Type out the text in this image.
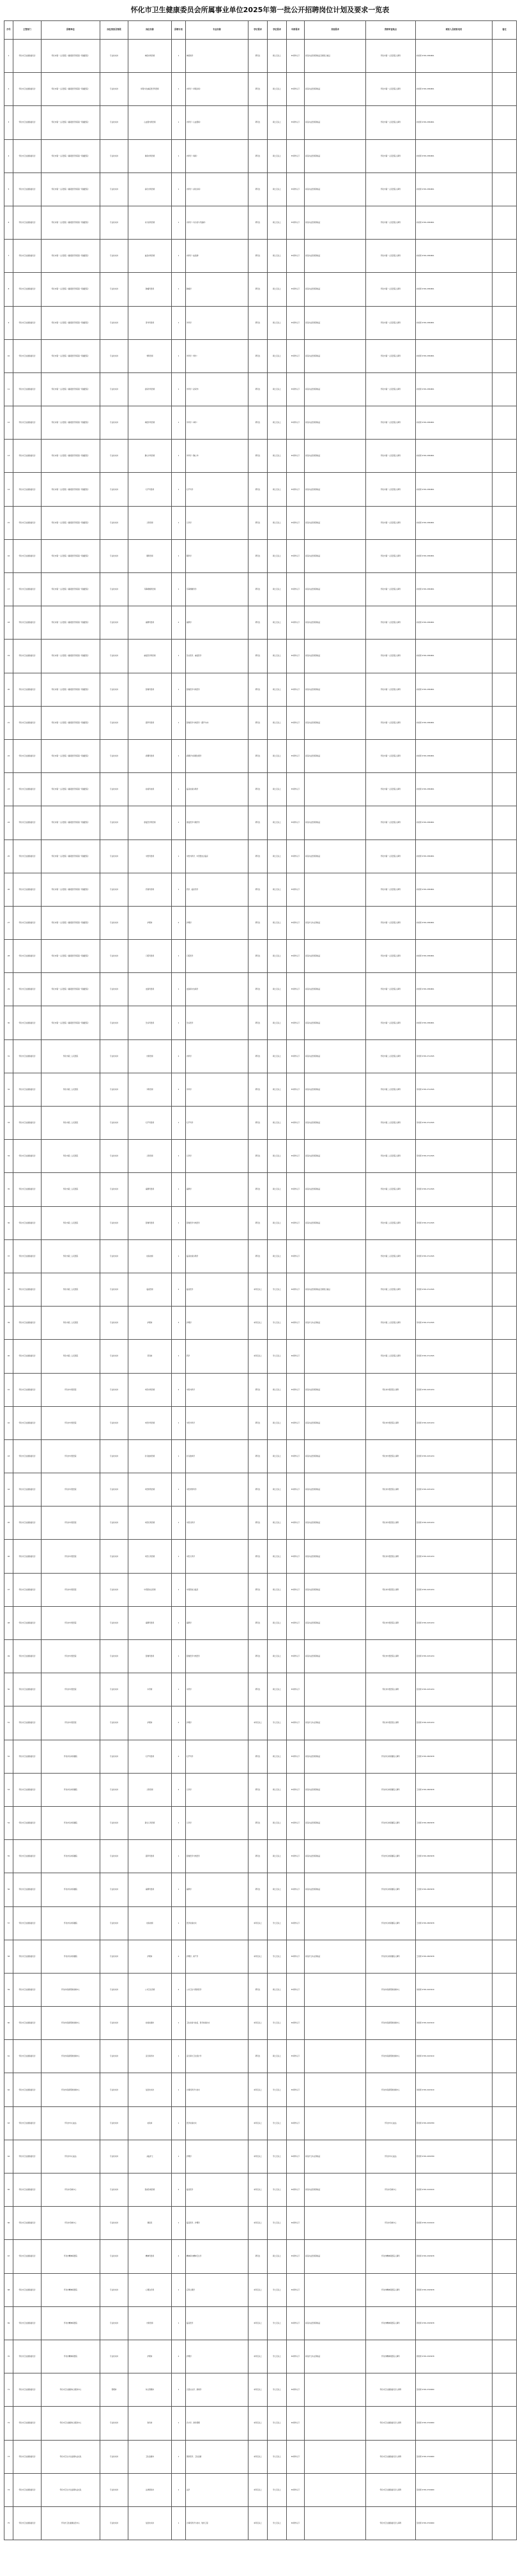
怀化市卫生健康委员会所属事业单位2025年第一批公开招聘岗位计划及要求一览表
序号	主管部门	招聘单位	岗位类别及等级	岗位名称	招聘计划	专业名称	学历要求	学位要求	年龄要求	其他要求	资格审查地点	联系人及联系电话	备注
1	怀化市卫生健康委员会	怀化市第一人民医院（湖南医药学院第一附属医院）	专业技术岗	神经内科医师	1	神经病学	研究生	硕士及以上	35周岁以下	具有执业医师资格证及规培合格证	怀化市第一人民医院人事科	向老师 0745-2384651	
2	怀化市卫生健康委员会	怀化市第一人民医院（湖南医药学院第一附属医院）	专业技术岗	呼吸与危重症医学科医师	1	内科学（呼吸系病）	研究生	硕士及以上	35周岁以下	具有执业医师资格证	怀化市第一人民医院人事科	向老师 0745-2384651	
3	怀化市卫生健康委员会	怀化市第一人民医院（湖南医药学院第一附属医院）	专业技术岗	心血管内科医师	1	内科学（心血管病）	研究生	硕士及以上	35周岁以下	具有执业医师资格证	怀化市第一人民医院人事科	向老师 0745-2384651	
4	怀化市卫生健康委员会	怀化市第一人民医院（湖南医药学院第一附属医院）	专业技术岗	肾病内科医师	1	内科学（肾病）	研究生	硕士及以上	35周岁以下	具有执业医师资格证	怀化市第一人民医院人事科	向老师 0745-2384651	
5	怀化市卫生健康委员会	怀化市第一人民医院（湖南医药学院第一附属医院）	专业技术岗	消化内科医师	1	内科学（消化系病）	研究生	硕士及以上	35周岁以下	具有执业医师资格证	怀化市第一人民医院人事科	向老师 0745-2384651	
6	怀化市卫生健康委员会	怀化市第一人民医院（湖南医药学院第一附属医院）	专业技术岗	内分泌科医师	1	内科学（内分泌与代谢病）	研究生	硕士及以上	35周岁以下	具有执业医师资格证	怀化市第一人民医院人事科	向老师 0745-2384651	
7	怀化市卫生健康委员会	怀化市第一人民医院（湖南医药学院第一附属医院）	专业技术岗	血液内科医师	1	内科学（血液病）	研究生	硕士及以上	35周岁以下	具有执业医师资格证	怀化市第一人民医院人事科	向老师 0745-2384651	
8	怀化市卫生健康委员会	怀化市第一人民医院（湖南医药学院第一附属医院）	专业技术岗	肿瘤科医师	1	肿瘤学	研究生	硕士及以上	35周岁以下	具有执业医师资格证	怀化市第一人民医院人事科	向老师 0745-2384651	
9	怀化市卫生健康委员会	怀化市第一人民医院（湖南医药学院第一附属医院）	专业技术岗	普外科医师	1	外科学	研究生	硕士及以上	35周岁以下	具有执业医师资格证	怀化市第一人民医院人事科	向老师 0745-2384651	
10	怀化市卫生健康委员会	怀化市第一人民医院（湖南医药学院第一附属医院）	专业技术岗	骨科医师	1	外科学（骨外）	研究生	硕士及以上	35周岁以下	具有执业医师资格证	怀化市第一人民医院人事科	向老师 0745-2384651	
11	怀化市卫生健康委员会	怀化市第一人民医院（湖南医药学院第一附属医院）	专业技术岗	泌尿外科医师	1	外科学（泌尿外）	研究生	硕士及以上	35周岁以下	具有执业医师资格证	怀化市第一人民医院人事科	向老师 0745-2384651	
12	怀化市卫生健康委员会	怀化市第一人民医院（湖南医药学院第一附属医院）	专业技术岗	神经外科医师	1	外科学（神外）	研究生	硕士及以上	35周岁以下	具有执业医师资格证	怀化市第一人民医院人事科	向老师 0745-2384651	
13	怀化市卫生健康委员会	怀化市第一人民医院（湖南医药学院第一附属医院）	专业技术岗	胸心外科医师	1	外科学（胸心外）	研究生	硕士及以上	35周岁以下	具有执业医师资格证	怀化市第一人民医院人事科	向老师 0745-2384651	
14	怀化市卫生健康委员会	怀化市第一人民医院（湖南医药学院第一附属医院）	专业技术岗	妇产科医师	1	妇产科学	研究生	硕士及以上	35周岁以下	具有执业医师资格证	怀化市第一人民医院人事科	向老师 0745-2384651	
15	怀化市卫生健康委员会	怀化市第一人民医院（湖南医药学院第一附属医院）	专业技术岗	儿科医师	1	儿科学	研究生	硕士及以上	35周岁以下	具有执业医师资格证	怀化市第一人民医院人事科	向老师 0745-2384651	
16	怀化市卫生健康委员会	怀化市第一人民医院（湖南医药学院第一附属医院）	专业技术岗	眼科医师	1	眼科学	研究生	硕士及以上	35周岁以下	具有执业医师资格证	怀化市第一人民医院人事科	向老师 0745-2384651	
17	怀化市卫生健康委员会	怀化市第一人民医院（湖南医药学院第一附属医院）	专业技术岗	耳鼻咽喉科医师	1	耳鼻咽喉科学	研究生	硕士及以上	35周岁以下	具有执业医师资格证	怀化市第一人民医院人事科	向老师 0745-2384651	
18	怀化市卫生健康委员会	怀化市第一人民医院（湖南医药学院第一附属医院）	专业技术岗	麻醉科医师	2	麻醉学	研究生	硕士及以上	35周岁以下	具有执业医师资格证	怀化市第一人民医院人事科	向老师 0745-2384651	
19	怀化市卫生健康委员会	怀化市第一人民医院（湖南医药学院第一附属医院）	专业技术岗	重症医学科医师	1	急诊医学、重症医学	研究生	硕士及以上	35周岁以下	具有执业医师资格证	怀化市第一人民医院人事科	向老师 0745-2384651	
20	怀化市卫生健康委员会	怀化市第一人民医院（湖南医药学院第一附属医院）	专业技术岗	影像科医师	1	影像医学与核医学	研究生	硕士及以上	35周岁以下	具有执业医师资格证	怀化市第一人民医院人事科	向老师 0745-2384651	
21	怀化市卫生健康委员会	怀化市第一人民医院（湖南医药学院第一附属医院）	专业技术岗	超声科医师	1	影像医学与核医学（超声方向）	研究生	硕士及以上	35周岁以下	具有执业医师资格证	怀化市第一人民医院人事科	向老师 0745-2384651	
22	怀化市卫生健康委员会	怀化市第一人民医院（湖南医药学院第一附属医院）	专业技术岗	病理科医师	1	病理学与病理生理学	研究生	硕士及以上	35周岁以下	具有执业医师资格证	怀化市第一人民医院人事科	向老师 0745-2384651	
23	怀化市卫生健康委员会	怀化市第一人民医院（湖南医药学院第一附属医院）	专业技术岗	检验科技师	1	临床检验诊断学	研究生	硕士及以上	35周岁以下		怀化市第一人民医院人事科	向老师 0745-2384651	
24	怀化市卫生健康委员会	怀化市第一人民医院（湖南医药学院第一附属医院）	专业技术岗	康复医学科医师	1	康复医学与理疗学	研究生	硕士及以上	35周岁以下	具有执业医师资格证	怀化市第一人民医院人事科	向老师 0745-2384651	
25	怀化市卫生健康委员会	怀化市第一人民医院（湖南医药学院第一附属医院）	专业技术岗	中医科医师	1	中医内科学、中西医结合临床	研究生	硕士及以上	35周岁以下	具有执业医师资格证	怀化市第一人民医院人事科	向老师 0745-2384651	
26	怀化市卫生健康委员会	怀化市第一人民医院（湖南医药学院第一附属医院）	专业技术岗	药剂科药师	1	药学、临床药学	研究生	硕士及以上	35周岁以下		怀化市第一人民医院人事科	向老师 0745-2384651	
27	怀化市卫生健康委员会	怀化市第一人民医院（湖南医药学院第一附属医院）	专业技术岗	护理岗	2	护理学	研究生	硕士及以上	35周岁以下	具有护士执业资格证	怀化市第一人民医院人事科	向老师 0745-2384651	
28	怀化市卫生健康委员会	怀化市第一人民医院（湖南医药学院第一附属医院）	专业技术岗	口腔科医师	1	口腔医学	研究生	硕士及以上	35周岁以下	具有执业医师资格证	怀化市第一人民医院人事科	向老师 0745-2384651	
29	怀化市卫生健康委员会	怀化市第一人民医院（湖南医药学院第一附属医院）	专业技术岗	皮肤科医师	1	皮肤病与性病学	研究生	硕士及以上	35周岁以下	具有执业医师资格证	怀化市第一人民医院人事科	向老师 0745-2384651	
30	怀化市卫生健康委员会	怀化市第一人民医院（湖南医药学院第一附属医院）	专业技术岗	急诊科医师	1	急诊医学	研究生	硕士及以上	35周岁以下	具有执业医师资格证	怀化市第一人民医院人事科	向老师 0745-2384651	
31	怀化市卫生健康委员会	怀化市第二人民医院	专业技术岗	内科医师	2	内科学	研究生	硕士及以上	35周岁以下	具有执业医师资格证	怀化市第二人民医院人事科	李老师 0745-2712345	
32	怀化市卫生健康委员会	怀化市第二人民医院	专业技术岗	外科医师	2	外科学	研究生	硕士及以上	35周岁以下	具有执业医师资格证	怀化市第二人民医院人事科	李老师 0745-2712345	
33	怀化市卫生健康委员会	怀化市第二人民医院	专业技术岗	妇产科医师	1	妇产科学	研究生	硕士及以上	35周岁以下	具有执业医师资格证	怀化市第二人民医院人事科	李老师 0745-2712345	
34	怀化市卫生健康委员会	怀化市第二人民医院	专业技术岗	儿科医师	1	儿科学	研究生	硕士及以上	35周岁以下	具有执业医师资格证	怀化市第二人民医院人事科	李老师 0745-2712345	
35	怀化市卫生健康委员会	怀化市第二人民医院	专业技术岗	麻醉科医师	1	麻醉学	研究生	硕士及以上	35周岁以下	具有执业医师资格证	怀化市第二人民医院人事科	李老师 0745-2712345	
36	怀化市卫生健康委员会	怀化市第二人民医院	专业技术岗	影像科医师	1	影像医学与核医学	研究生	硕士及以上	35周岁以下	具有执业医师资格证	怀化市第二人民医院人事科	李老师 0745-2712345	
37	怀化市卫生健康委员会	怀化市第二人民医院	专业技术岗	检验技师	1	临床检验诊断学	研究生	硕士及以上	35周岁以下		怀化市第二人民医院人事科	李老师 0745-2712345	
38	怀化市卫生健康委员会	怀化市第二人民医院	专业技术岗	临床医师	2	临床医学	本科及以上	学士及以上	30周岁以下	具有执业医师资格证及规培合格证	怀化市第二人民医院人事科	李老师 0745-2712345	
39	怀化市卫生健康委员会	怀化市第二人民医院	专业技术岗	护理岗	3	护理学	本科及以上	学士及以上	30周岁以下	具有护士执业资格证	怀化市第二人民医院人事科	李老师 0745-2712345	
40	怀化市卫生健康委员会	怀化市第二人民医院	专业技术岗	药剂岗	1	药学	本科及以上	学士及以上	30周岁以下		怀化市第二人民医院人事科	李老师 0745-2712345	
41	怀化市卫生健康委员会	怀化市中医医院	专业技术岗	中医内科医师	2	中医内科学	研究生	硕士及以上	35周岁以下	具有执业医师资格证	怀化市中医医院人事科	张老师 0745-2231234	
42	怀化市卫生健康委员会	怀化市中医医院	专业技术岗	中医外科医师	1	中医外科学	研究生	硕士及以上	35周岁以下	具有执业医师资格证	怀化市中医医院人事科	张老师 0745-2231234	
43	怀化市卫生健康委员会	怀化市中医医院	专业技术岗	针灸推拿医师	1	针灸推拿学	研究生	硕士及以上	35周岁以下	具有执业医师资格证	怀化市中医医院人事科	张老师 0745-2231234	
44	怀化市卫生健康委员会	怀化市中医医院	专业技术岗	中医骨伤医师	1	中医骨伤科学	研究生	硕士及以上	35周岁以下	具有执业医师资格证	怀化市中医医院人事科	张老师 0745-2231234	
45	怀化市卫生健康委员会	怀化市中医医院	专业技术岗	中医妇科医师	1	中医妇科学	研究生	硕士及以上	35周岁以下	具有执业医师资格证	怀化市中医医院人事科	张老师 0745-2231234	
46	怀化市卫生健康委员会	怀化市中医医院	专业技术岗	中医儿科医师	1	中医儿科学	研究生	硕士及以上	35周岁以下	具有执业医师资格证	怀化市中医医院人事科	张老师 0745-2231234	
47	怀化市卫生健康委员会	怀化市中医医院	专业技术岗	中西医结合医师	1	中西医结合临床	研究生	硕士及以上	35周岁以下	具有执业医师资格证	怀化市中医医院人事科	张老师 0745-2231234	
48	怀化市卫生健康委员会	怀化市中医医院	专业技术岗	麻醉科医师	1	麻醉学	研究生	硕士及以上	35周岁以下	具有执业医师资格证	怀化市中医医院人事科	张老师 0745-2231234	
49	怀化市卫生健康委员会	怀化市中医医院	专业技术岗	影像科医师	1	影像医学与核医学	研究生	硕士及以上	35周岁以下	具有执业医师资格证	怀化市中医医院人事科	张老师 0745-2231234	
50	怀化市卫生健康委员会	怀化市中医医院	专业技术岗	中药师	1	中药学	研究生	硕士及以上	35周岁以下		怀化市中医医院人事科	张老师 0745-2231234	
51	怀化市卫生健康委员会	怀化市中医医院	专业技术岗	护理岗	2	护理学	本科及以上	学士及以上	30周岁以下	具有护士执业资格证	怀化市中医医院人事科	张老师 0745-2231234	
52	怀化市卫生健康委员会	怀化市妇幼保健院	专业技术岗	妇产科医师	2	妇产科学	研究生	硕士及以上	35周岁以下	具有执业医师资格证	怀化市妇幼保健院人事科	王老师 0745-2825678	
53	怀化市卫生健康委员会	怀化市妇幼保健院	专业技术岗	儿科医师	2	儿科学	研究生	硕士及以上	35周岁以下	具有执业医师资格证	怀化市妇幼保健院人事科	王老师 0745-2825678	
54	怀化市卫生健康委员会	怀化市妇幼保健院	专业技术岗	新生儿科医师	1	儿科学	研究生	硕士及以上	35周岁以下	具有执业医师资格证	怀化市妇幼保健院人事科	王老师 0745-2825678	
55	怀化市卫生健康委员会	怀化市妇幼保健院	专业技术岗	超声科医师	1	影像医学与核医学	研究生	硕士及以上	35周岁以下	具有执业医师资格证	怀化市妇幼保健院人事科	王老师 0745-2825678	
56	怀化市卫生健康委员会	怀化市妇幼保健院	专业技术岗	麻醉科医师	1	麻醉学	研究生	硕士及以上	35周岁以下	具有执业医师资格证	怀化市妇幼保健院人事科	王老师 0745-2825678	
57	怀化市卫生健康委员会	怀化市妇幼保健院	专业技术岗	检验技师	1	医学检验技术	本科及以上	学士及以上	30周岁以下		怀化市妇幼保健院人事科	王老师 0745-2825678	
58	怀化市卫生健康委员会	怀化市妇幼保健院	专业技术岗	护理岗	2	护理学、助产学	本科及以上	学士及以上	30周岁以下	具有护士执业资格证	怀化市妇幼保健院人事科	王老师 0745-2825678	
59	怀化市卫生健康委员会	怀化市疾病预防控制中心	专业技术岗	公共卫生医师	2	公共卫生与预防医学	研究生	硕士及以上	35周岁以下		怀化市疾病预防控制中心	刘老师 0745-2243210	
60	怀化市卫生健康委员会	怀化市疾病预防控制中心	专业技术岗	检验检测岗	1	卫生检验与检疫、医学检验技术	本科及以上	学士及以上	30周岁以下		怀化市疾病预防控制中心	刘老师 0745-2243210	
61	怀化市卫生健康委员会	怀化市疾病预防控制中心	专业技术岗	流行病学岗	1	流行病与卫生统计学	研究生	硕士及以上	35周岁以下		怀化市疾病预防控制中心	刘老师 0745-2243210	
62	怀化市卫生健康委员会	怀化市疾病预防控制中心	专业技术岗	信息技术岗	1	计算机科学与技术	本科及以上	学士及以上	30周岁以下		怀化市疾病预防控制中心	刘老师 0745-2243210	
63	怀化市卫生健康委员会	怀化市中心血站	专业技术岗	检验岗	1	医学检验技术	本科及以上	学士及以上	30周岁以下		怀化市中心血站	陈老师 0745-2256789	
64	怀化市卫生健康委员会	怀化市中心血站	专业技术岗	采血护士	1	护理学	本科及以上	学士及以上	30周岁以下	具有护士执业资格证	怀化市中心血站	陈老师 0745-2256789	
65	怀化市卫生健康委员会	怀化市急救中心	专业技术岗	院前急救医师	2	临床医学	本科及以上	学士及以上	30周岁以下	具有执业医师资格证	怀化市急救中心	杨老师 0745-2120120	
66	怀化市卫生健康委员会	怀化市急救中心	专业技术岗	调度员	1	临床医学、护理学	本科及以上	学士及以上	30周岁以下		怀化市急救中心	杨老师 0745-2120120	
67	怀化市卫生健康委员会	怀化市精神病医院	专业技术岗	精神科医师	2	精神病与精神卫生学	研究生	硕士及以上	35周岁以下	具有执业医师资格证	怀化市精神病医院人事科	周老师 0745-2345678	
68	怀化市卫生健康委员会	怀化市精神病医院	专业技术岗	心理治疗师	1	应用心理学	本科及以上	学士及以上	30周岁以下		怀化市精神病医院人事科	周老师 0745-2345678	
69	怀化市卫生健康委员会	怀化市精神病医院	专业技术岗	内科医师	1	临床医学	本科及以上	学士及以上	30周岁以下	具有执业医师资格证	怀化市精神病医院人事科	周老师 0745-2345678	
70	怀化市卫生健康委员会	怀化市精神病医院	专业技术岗	护理岗	2	护理学	本科及以上	学士及以上	30周岁以下	具有护士执业资格证	怀化市精神病医院人事科	周老师 0745-2345678	
71	怀化市卫生健康委员会	怀化市卫生健康综合服务中心	管理岗	综合管理岗	1	汉语言文学、新闻学	本科及以上	学士及以上	30周岁以下		怀化市卫生健康委员会人事科	吴老师 0745-2720000	
72	怀化市卫生健康委员会	怀化市卫生健康综合服务中心	专业技术岗	财务岗	1	会计学、财务管理	本科及以上	学士及以上	30周岁以下		怀化市卫生健康委员会人事科	吴老师 0745-2720000	
73	怀化市卫生健康委员会	怀化市卫生计生监督执法支队	专业技术岗	卫生监督岗	1	预防医学、卫生监督	本科及以上	学士及以上	30周岁以下		怀化市卫生健康委员会人事科	吴老师 0745-2720000	
74	怀化市卫生健康委员会	怀化市卫生计生监督执法支队	专业技术岗	法律事务岗	1	法学	本科及以上	学士及以上	30周岁以下		怀化市卫生健康委员会人事科	吴老师 0745-2720000	
75	怀化市卫生健康委员会	怀化市卫生健康信息中心	专业技术岗	信息技术岗	1	计算机科学与技术、软件工程	本科及以上	学士及以上	30周岁以下		怀化市卫生健康委员会人事科	吴老师 0745-2720000	
